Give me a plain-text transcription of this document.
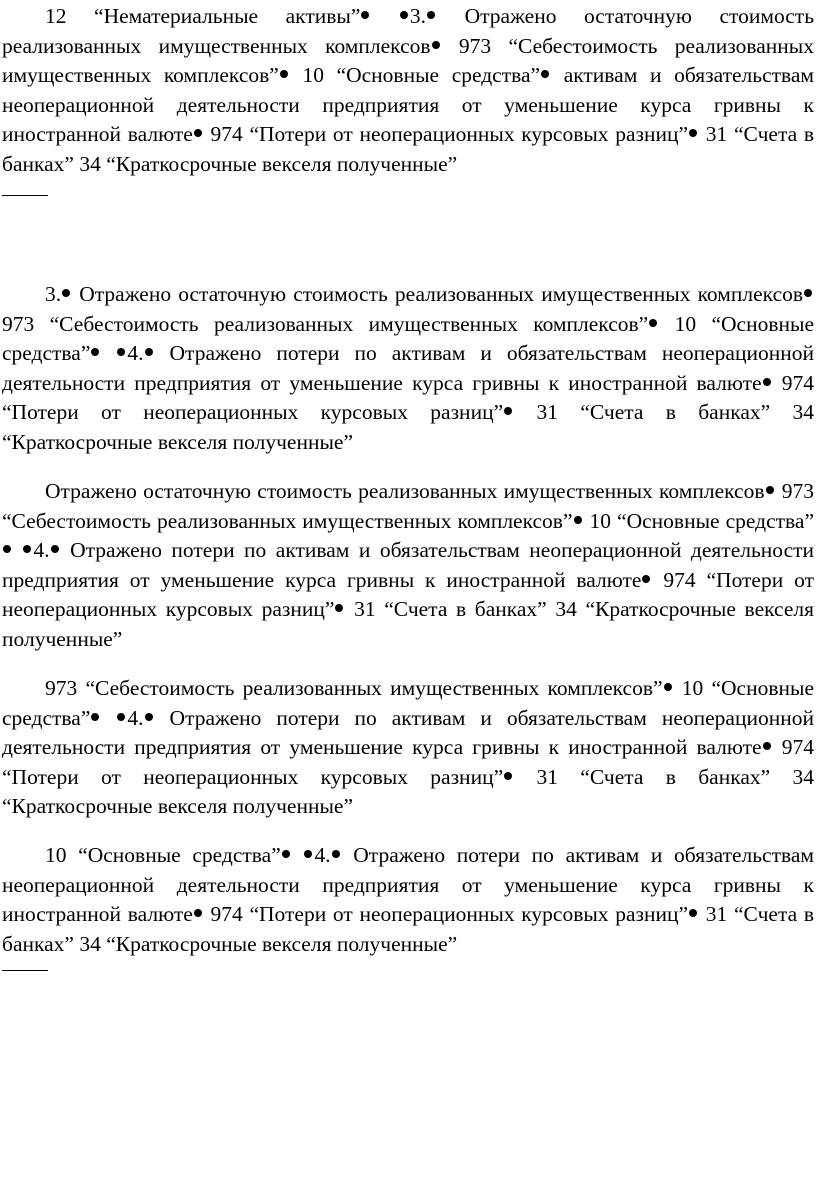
12 “Нематериальные активы” 3. Отражено остаточную стоимость реализованных имущественных комплексов 973 “Себестоимость реализованных имущественных комплексов” 10 “Основные средства” активам и обязательствам неоперационной деятельности предприятия от уменьшение курса гривны к иностранной валюте 974 “Потери от неоперационных курсовых разниц” 31 “Счета в банках” 34 “Краткосрочные векселя полученные”

3. Отражено остаточную стоимость реализованных имущественных комплексов 973 “Себестоимость реализованных имущественных комплексов” 10 “Основные средства” 4. Отражено потери по активам и обязательствам неоперационной деятельности предприятия от уменьшение курса гривны к иностранной валюте 974 “Потери от неоперационных курсовых разниц” 31 “Счета в банках” 34 “Краткосрочные векселя полученные”

Отражено остаточную стоимость реализованных имущественных комплексов 973 “Себестоимость реализованных имущественных комплексов” 10 “Основные средства” 4. Отражено потери по активам и обязательствам неоперационной деятельности предприятия от уменьшение курса гривны к иностранной валюте 974 “Потери от неоперационных курсовых разниц” 31 “Счета в банках” 34 “Краткосрочные векселя полученные”

973 “Себестоимость реализованных имущественных комплексов” 10 “Основные средства” 4. Отражено потери по активам и обязательствам неоперационной деятельности предприятия от уменьшение курса гривны к иностранной валюте 974 “Потери от неоперационных курсовых разниц” 31 “Счета в банках” 34 “Краткосрочные векселя полученные”

10 “Основные средства” 4. Отражено потери по активам и обязательствам неоперационной деятельности предприятия от уменьшение курса гривны к иностранной валюте 974 “Потери от неоперационных курсовых разниц” 31 “Счета в банках” 34 “Краткосрочные векселя полученные”
